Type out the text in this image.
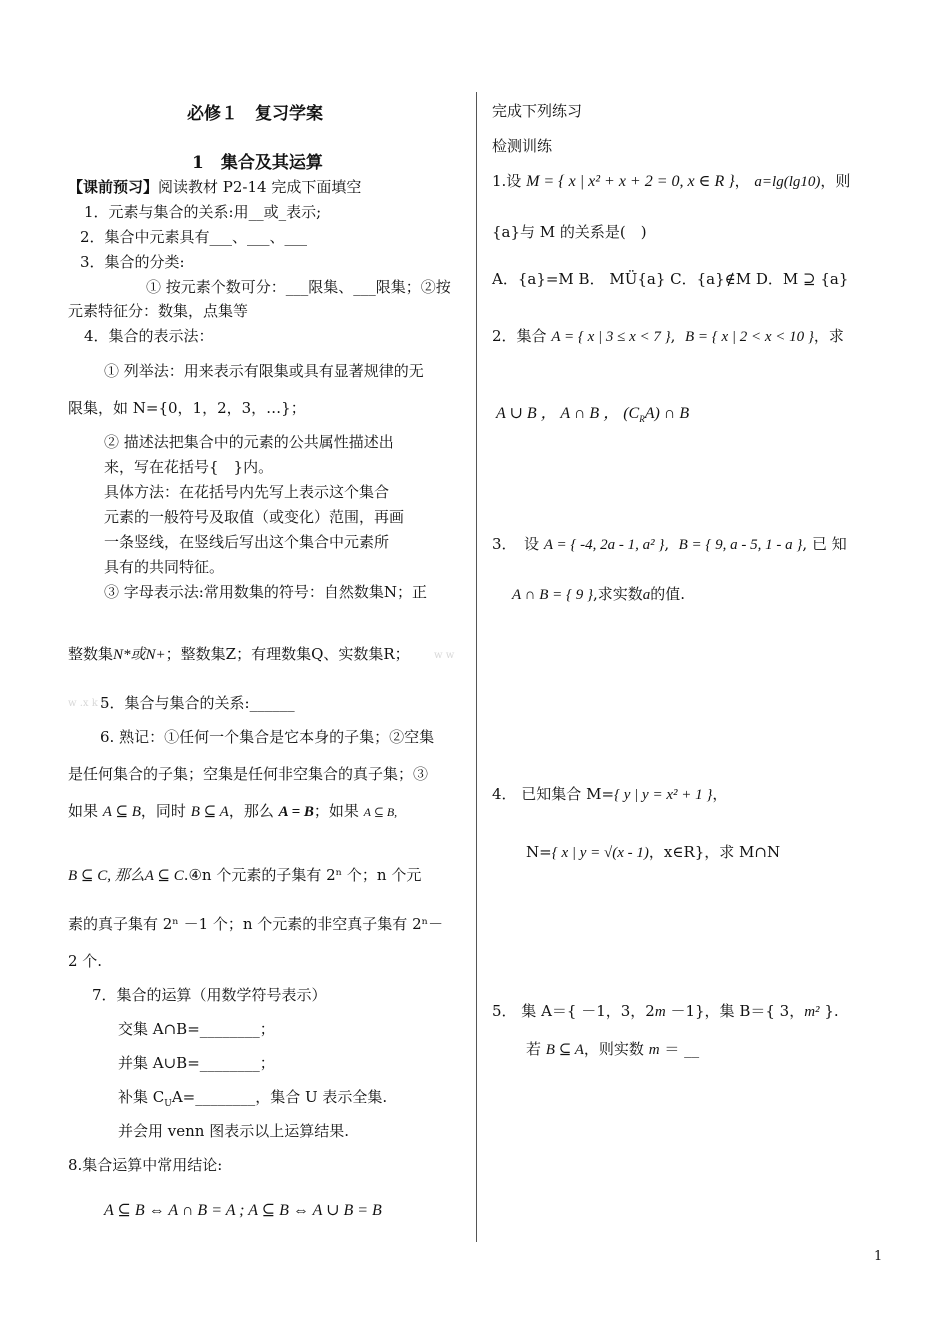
必修１　复习学案
1　集合及其运算
【课前预习】阅读教材 P2-14 完成下面填空
1．元素与集合的关系:用__或_表示;
2．集合中元素具有___、___、___
3．集合的分类:
① 按元素个数可分：___限集、___限集；②按
元素特征分：数集，点集等
4．集合的表示法：
① 列举法：用来表示有限集或具有显著规律的无
限集，如 N={0，1，2，3，…}；
② 描述法把集合中的元素的公共属性描述出
来，写在花括号{　}内。
具体方法：在花括号内先写上表示这个集合
元素的一般符号及取值（或变化）范围，再画
一条竖线，在竖线后写出这个集合中元素所
具有的共同特征。
③ 字母表示法:常用数集的符号：自然数集N；正
整数集N*或N+；整数集Z；有理数集Q、实数集R； w w
w .x k b
5．集合与集合的关系:______
6. 熟记：①任何一个集合是它本身的子集；②空集
是任何集合的子集；空集是任何非空集合的真子集；③
如果 A ⊆ B，同时 B ⊆ A，那么 A = B；如果 A ⊆ B,
B ⊆ C, 那么A ⊆ C.④n 个元素的子集有 2ⁿ 个；n 个元
素的真子集有 2ⁿ －1 个；n 个元素的非空真子集有 2ⁿ－
2 个.
7．集合的运算（用数学符号表示）
交集 A∩B=________；
并集 A∪B=________；
补集 $C_UA=\_\_\_\_\_\_\_\_$，集合 U 表示全集.
并会用 venn 图表示以上运算结果.
8.集合运算中常用结论:
A ⊆ B ⇔ A ∩ B = A ; A ⊆ B ⇔ A ∪ B = B
完成下列练习
检测训练
1.设 M = { x | x² + x + 2 = 0, x ∈ R }， a=lg(lg10)，则
{a}与 M 的关系是(　)
A．{a}=M B． MÜ{a} C．{a}∉M D．M ⊇ {a}
2．集合 A = { x | 3 ≤ x < 7 },  B = { x | 2 < x < 10 }，求
A ∪ B ， A ∩ B ， $(C_RA)$ ∩ B
3．　设 A = { -4, 2a - 1, a² },  B = { 9, a - 5, 1 - a }, 已 知
A ∩ B = { 9 },求实数a的值.
4． 已知集合 M={ y | y = x² + 1 }，
N={ x | y = √(x - 1)，x∈R}，求 M∩N
5． 集 A＝{ －1，3，2m －1}，集 B＝{ 3，m² }.
若 B ⊆ A，则实数 m ＝ __
1
